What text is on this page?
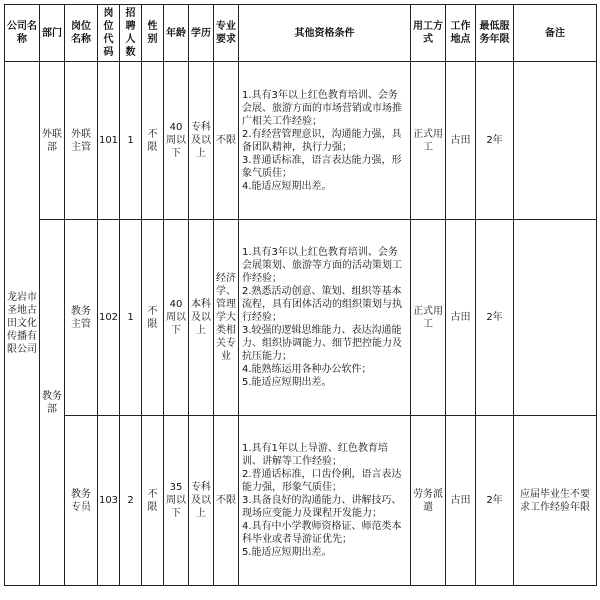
公司名称	部门	岗位名称	岗位代码	招聘人数	性别	年龄	学历	专业要求	其他资格条件	用工方式	工作地点	最低服务年限	备注
龙岩市圣地古田文化传播有限公司	外联部	外联主管	101	1	不限	40周以下	专科及以上	不限	1.具有3年以上红色教育培训、会务会展、旅游方面的市场营销或市场推广相关工作经验；
2.有经营管理意识，沟通能力强，具备团队精神，执行力强；
3.普通话标准，语言表达能力强，形象气质佳；
4.能适应短期出差。	正式用工	古田	2年	
	教务部	教务主管	102	1	不限	40周以下	本科及以上	经济学、管理学大类相关专业	1.具有3年以上红色教育培训、会务会展策划、旅游等方面的活动策划工作经验；
2.熟悉活动创意、策划、组织等基本流程，具有团体活动的组织策划与执行经验；
3.较强的逻辑思维能力、表达沟通能力、组织协调能力、细节把控能力及抗压能力；
4.能熟练运用各种办公软件；
5.能适应短期出差。	正式用工	古田	2年	
		教务专员	103	2	不限	35周以下	专科及以上	不限	1.具有1年以上导游、红色教育培训、讲解等工作经验；
2.普通话标准，口齿伶俐，语言表达能力强，形象气质佳；
3.具备良好的沟通能力、讲解技巧、现场应变能力及课程开发能力；
4.具有中小学教师资格证、师范类本科毕业或者导游证优先；
5.能适应短期出差。	劳务派遣	古田	2年	应届毕业生不要求工作经验年限
